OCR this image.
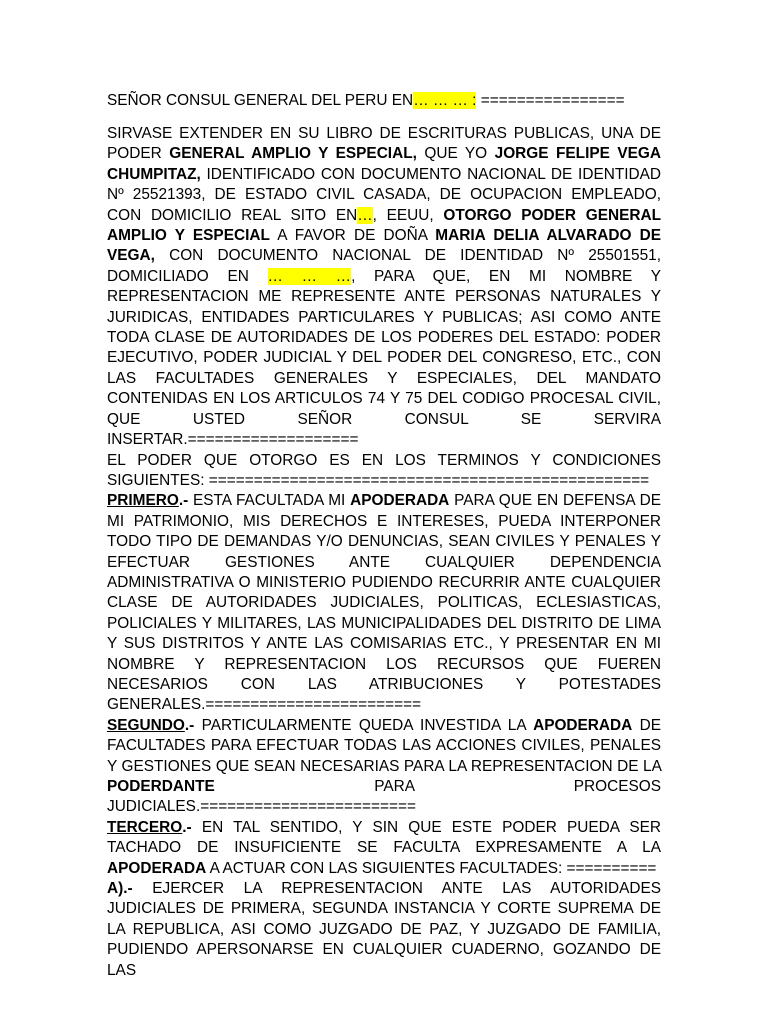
SEÑOR CONSUL GENERAL DEL PERU EN… … … : ================

SIRVASE EXTENDER EN SU LIBRO DE ESCRITURAS PUBLICAS, UNA DE PODER GENERAL AMPLIO Y ESPECIAL, QUE YO JORGE FELIPE VEGA CHUMPITAZ, IDENTIFICADO CON DOCUMENTO NACIONAL DE IDENTIDAD Nº 25521393, DE ESTADO CIVIL CASADA, DE OCUPACION EMPLEADO, CON DOMICILIO REAL SITO EN…, EEUU, OTORGO PODER GENERAL AMPLIO Y ESPECIAL A FAVOR DE DOÑA MARIA DELIA ALVARADO DE VEGA, CON DOCUMENTO NACIONAL DE IDENTIDAD Nº 25501551, DOMICILIADO EN … … …, PARA QUE, EN MI NOMBRE Y REPRESENTACION ME REPRESENTE ANTE PERSONAS NATURALES Y JURIDICAS, ENTIDADES PARTICULARES Y PUBLICAS; ASI COMO ANTE TODA CLASE DE AUTORIDADES DE LOS PODERES DEL ESTADO: PODER EJECUTIVO, PODER JUDICIAL Y DEL PODER DEL CONGRESO, ETC., CON LAS FACULTADES GENERALES Y ESPECIALES, DEL MANDATO CONTENIDAS EN LOS ARTICULOS 74 Y 75 DEL CODIGO PROCESAL CIVIL, QUE USTED SEÑOR CONSUL SE SERVIRA INSERTAR.===================

EL PODER QUE OTORGO ES EN LOS TERMINOS Y CONDICIONES SIGUIENTES: =================================================

PRIMERO.- ESTA FACULTADA MI APODERADA PARA QUE EN DEFENSA DE MI PATRIMONIO, MIS DERECHOS E INTERESES, PUEDA INTERPONER TODO TIPO DE DEMANDAS Y/O DENUNCIAS, SEAN CIVILES Y PENALES Y EFECTUAR GESTIONES ANTE CUALQUIER DEPENDENCIA ADMINISTRATIVA O MINISTERIO PUDIENDO RECURRIR ANTE CUALQUIER CLASE DE AUTORIDADES JUDICIALES, POLITICAS, ECLESIASTICAS, POLICIALES Y MILITARES, LAS MUNICIPALIDADES DEL DISTRITO DE LIMA Y SUS DISTRITOS Y ANTE LAS COMISARIAS ETC., Y PRESENTAR EN MI NOMBRE Y REPRESENTACION LOS RECURSOS QUE FUEREN NECESARIOS CON LAS ATRIBUCIONES Y POTESTADES GENERALES.========================

SEGUNDO.- PARTICULARMENTE QUEDA INVESTIDA LA APODERADA DE FACULTADES PARA EFECTUAR TODAS LAS ACCIONES CIVILES, PENALES Y GESTIONES QUE SEAN NECESARIAS PARA LA REPRESENTACION DE LA PODERDANTE PARA PROCESOS JUDICIALES.========================

TERCERO.- EN TAL SENTIDO, Y SIN QUE ESTE PODER PUEDA SER TACHADO DE INSUFICIENTE SE FACULTA EXPRESAMENTE A LA APODERADA A ACTUAR CON LAS SIGUIENTES FACULTADES: ==========

A).- EJERCER LA REPRESENTACION ANTE LAS AUTORIDADES JUDICIALES DE PRIMERA, SEGUNDA INSTANCIA Y CORTE SUPREMA DE LA REPUBLICA, ASI COMO JUZGADO DE PAZ, Y JUZGADO DE FAMILIA, PUDIENDO APERSONARSE EN CUALQUIER CUADERNO, GOZANDO DE LAS
